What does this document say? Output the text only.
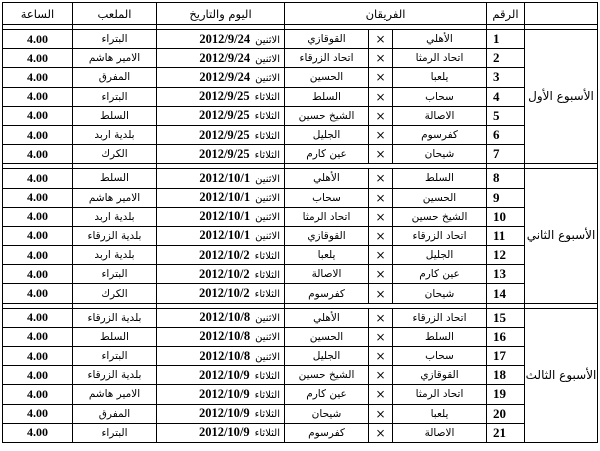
الساعة	الملعب	اليوم والتاريخ	الفريقان			الرقم	

4.00	البتراء	2012/9/24 الاثنين	القوقازي	×	الأهلي	1	الأسبوع الأول
4.00	الامير هاشم	2012/9/24 الاثنين	اتحاد الزرقاء	×	اتحاد الرمثا	2	
4.00	المفرق	2012/9/24 الاثنين	الحسين	×	يلعبا	3	
4.00	البتراء	2012/9/25 الثلاثاء	السلط	×	سحاب	4	
4.00	السلط	2012/9/25 الثلاثاء	الشيخ حسين	×	الاصالة	5	
4.00	بلدية اربد	2012/9/25 الثلاثاء	الجليل	×	كفرسوم	6	
4.00	الكرك	2012/9/25 الثلاثاء	عين كارم	×	شيحان	7	

4.00	السلط	2012/10/1 الاثنين	الأهلي	×	السلط	8	الأسبوع الثاني
4.00	الامير هاشم	2012/10/1 الاثنين	سحاب	×	الحسين	9	
4.00	بلدية اربد	2012/10/1 الاثنين	اتحاد الرمثا	×	الشيخ حسين	10	
4.00	بلدية الزرقاء	2012/10/1 الاثنين	القوقازي	×	اتحاد الزرقاء	11	
4.00	بلدية اربد	2012/10/2 الثلاثاء	يلعبا	×	الجليل	12	
4.00	البتراء	2012/10/2 الثلاثاء	الاصالة	×	عين كارم	13	
4.00	الكرك	2012/10/2 الثلاثاء	كفرسوم	×	شيحان	14	

4.00	بلدية الزرقاء	2012/10/8 الاثنين	الأهلي	×	اتحاد الزرقاء	15	الأسبوع الثالث
4.00	السلط	2012/10/8 الاثنين	الحسين	×	السلط	16	
4.00	البتراء	2012/10/8 الاثنين	الجليل	×	سحاب	17	
4.00	بلدية الزرقاء	2012/10/9 الثلاثاء	الشيخ حسين	×	القوقازي	18	
4.00	الامير هاشم	2012/10/9 الثلاثاء	عين كارم	×	اتحاد الرمثا	19	
4.00	المفرق	2012/10/9 الثلاثاء	شيحان	×	يلعبا	20	
4.00	البتراء	2012/10/9 الثلاثاء	كفرسوم	×	الاصالة	21	
